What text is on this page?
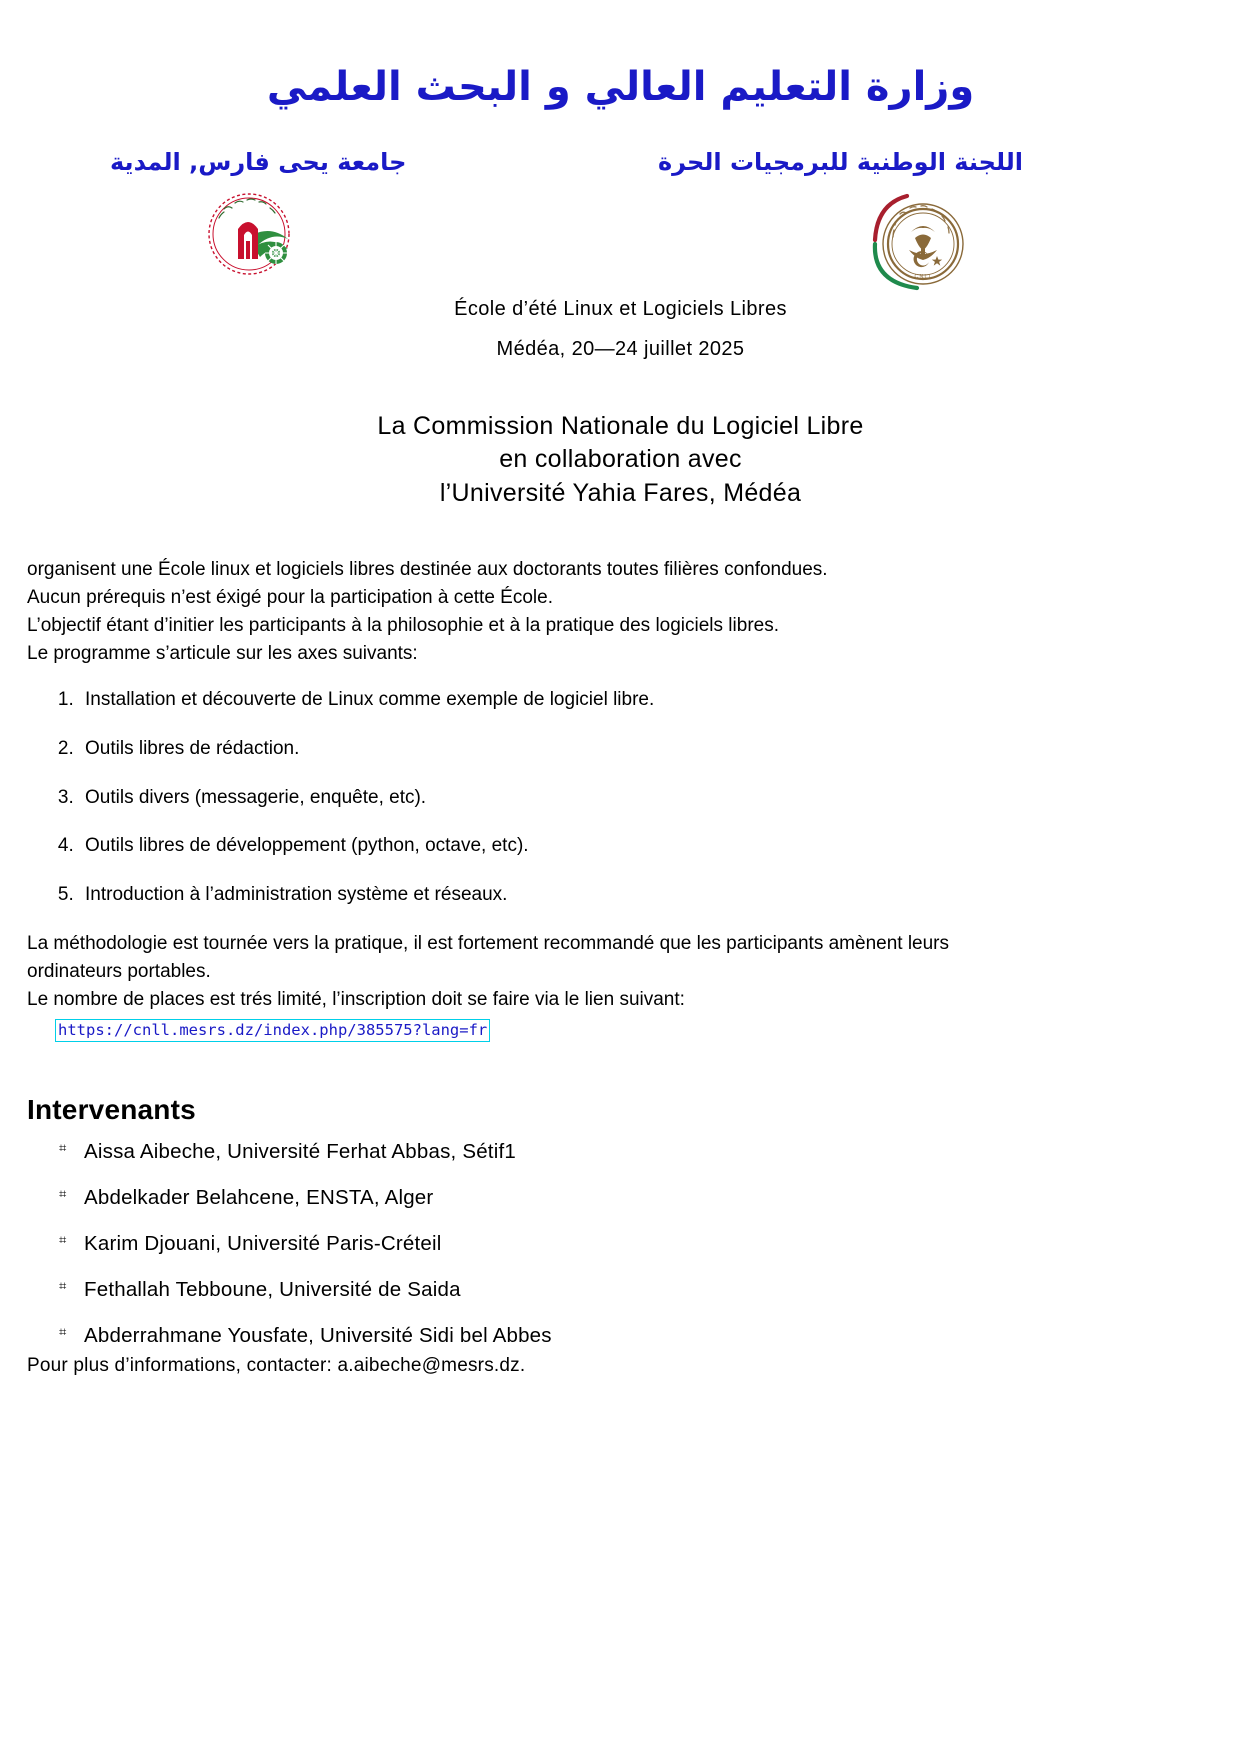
وزارة التعليم العالي و البحث العلمي
جامعة يحى فارس, المدية	اللجنة الوطنية للبرمجيات الحرة
C.N.L.L
École d’été Linux et Logiciels Libres
Médéa, 20—24 juillet 2025
La Commission Nationale du Logiciel Libre
en collaboration avec
l’Université Yahia Fares, Médéa

organisent une École linux et logiciels libres destinée aux doctorants toutes filières confondues.
Aucun prérequis n’est éxigé pour la participation à cette École.
L’objectif étant d’initier les participants à la philosophie et à la pratique des logiciels libres.
Le programme s’articule sur les axes suivants:

1. Installation et découverte de Linux comme exemple de logiciel libre.
2. Outils libres de rédaction.
3. Outils divers (messagerie, enquête, etc).
4. Outils libres de développement (python, octave, etc).
5. Introduction à l’administration système et réseaux.

La méthodologie est tournée vers la pratique, il est fortement recommandé que les participants amènent leurs
ordinateurs portables.
Le nombre de places est trés limité, l’inscription doit se faire via le lien suivant:

https://cnll.mesrs.dz/index.php/385575?lang=fr
Intervenants
⌗ Aissa Aibeche, Université Ferhat Abbas, Sétif1
⌗ Abdelkader Belahcene, ENSTA, Alger
⌗ Karim Djouani, Université Paris-Créteil
⌗ Fethallah Tebboune, Université de Saida
⌗ Abderrahmane Yousfate, Université Sidi bel Abbes
Pour plus d’informations, contacter: a.aibeche@mesrs.dz.
